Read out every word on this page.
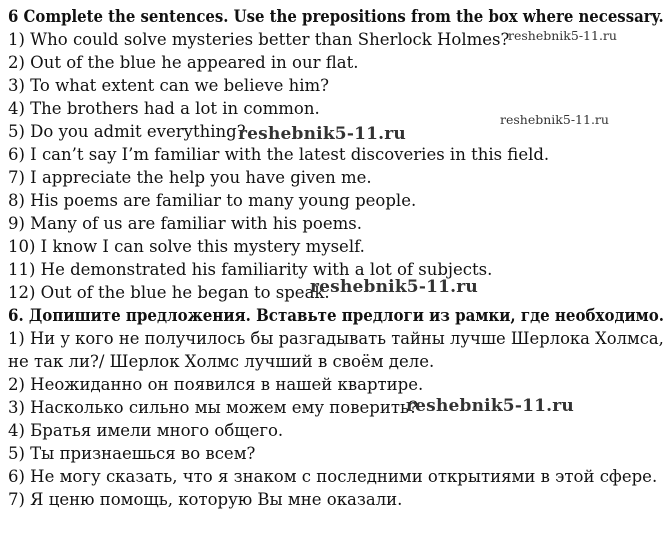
6 Complete the sentences. Use the prepositions from the box where necessary.
1) Who could solve mysteries better than Sherlock Holmes?
2) Out of the blue he appeared in our flat.
3) To what extent can we believe him?
4) The brothers had a lot in common.
5) Do you admit everything?
6) I can’t say I’m familiar with the latest discoveries in this field.
7) I appreciate the help you have given me.
8) His poems are familiar to many young people.
9) Many of us are familiar with his poems.
10) I know I can solve this mystery myself.
11) He demonstrated his familiarity with a lot of subjects.
12) Out of the blue he began to speak.
6. Допишите предложения. Вставьте предлоги из рамки, где необходимо.
1) Ни у кого не получилось бы разгадывать тайны лучше Шерлока Холмса,
не так ли?/ Шерлок Холмс лучший в своём деле.
2) Неожиданно он появился в нашей квартире.
3) Насколько сильно мы можем ему поверить?
4) Братья имели много общего.
5) Ты признаешься во всем?
6) Не могу сказать, что я знаком с последними открытиями в этой сфере.
7) Я ценю помощь, которую Вы мне оказали.
reshebnik5-11.ru
reshebnik5-11.ru
reshebnik5-11.ru
reshebnik5-11.ru
reshebnik5-11.ru
